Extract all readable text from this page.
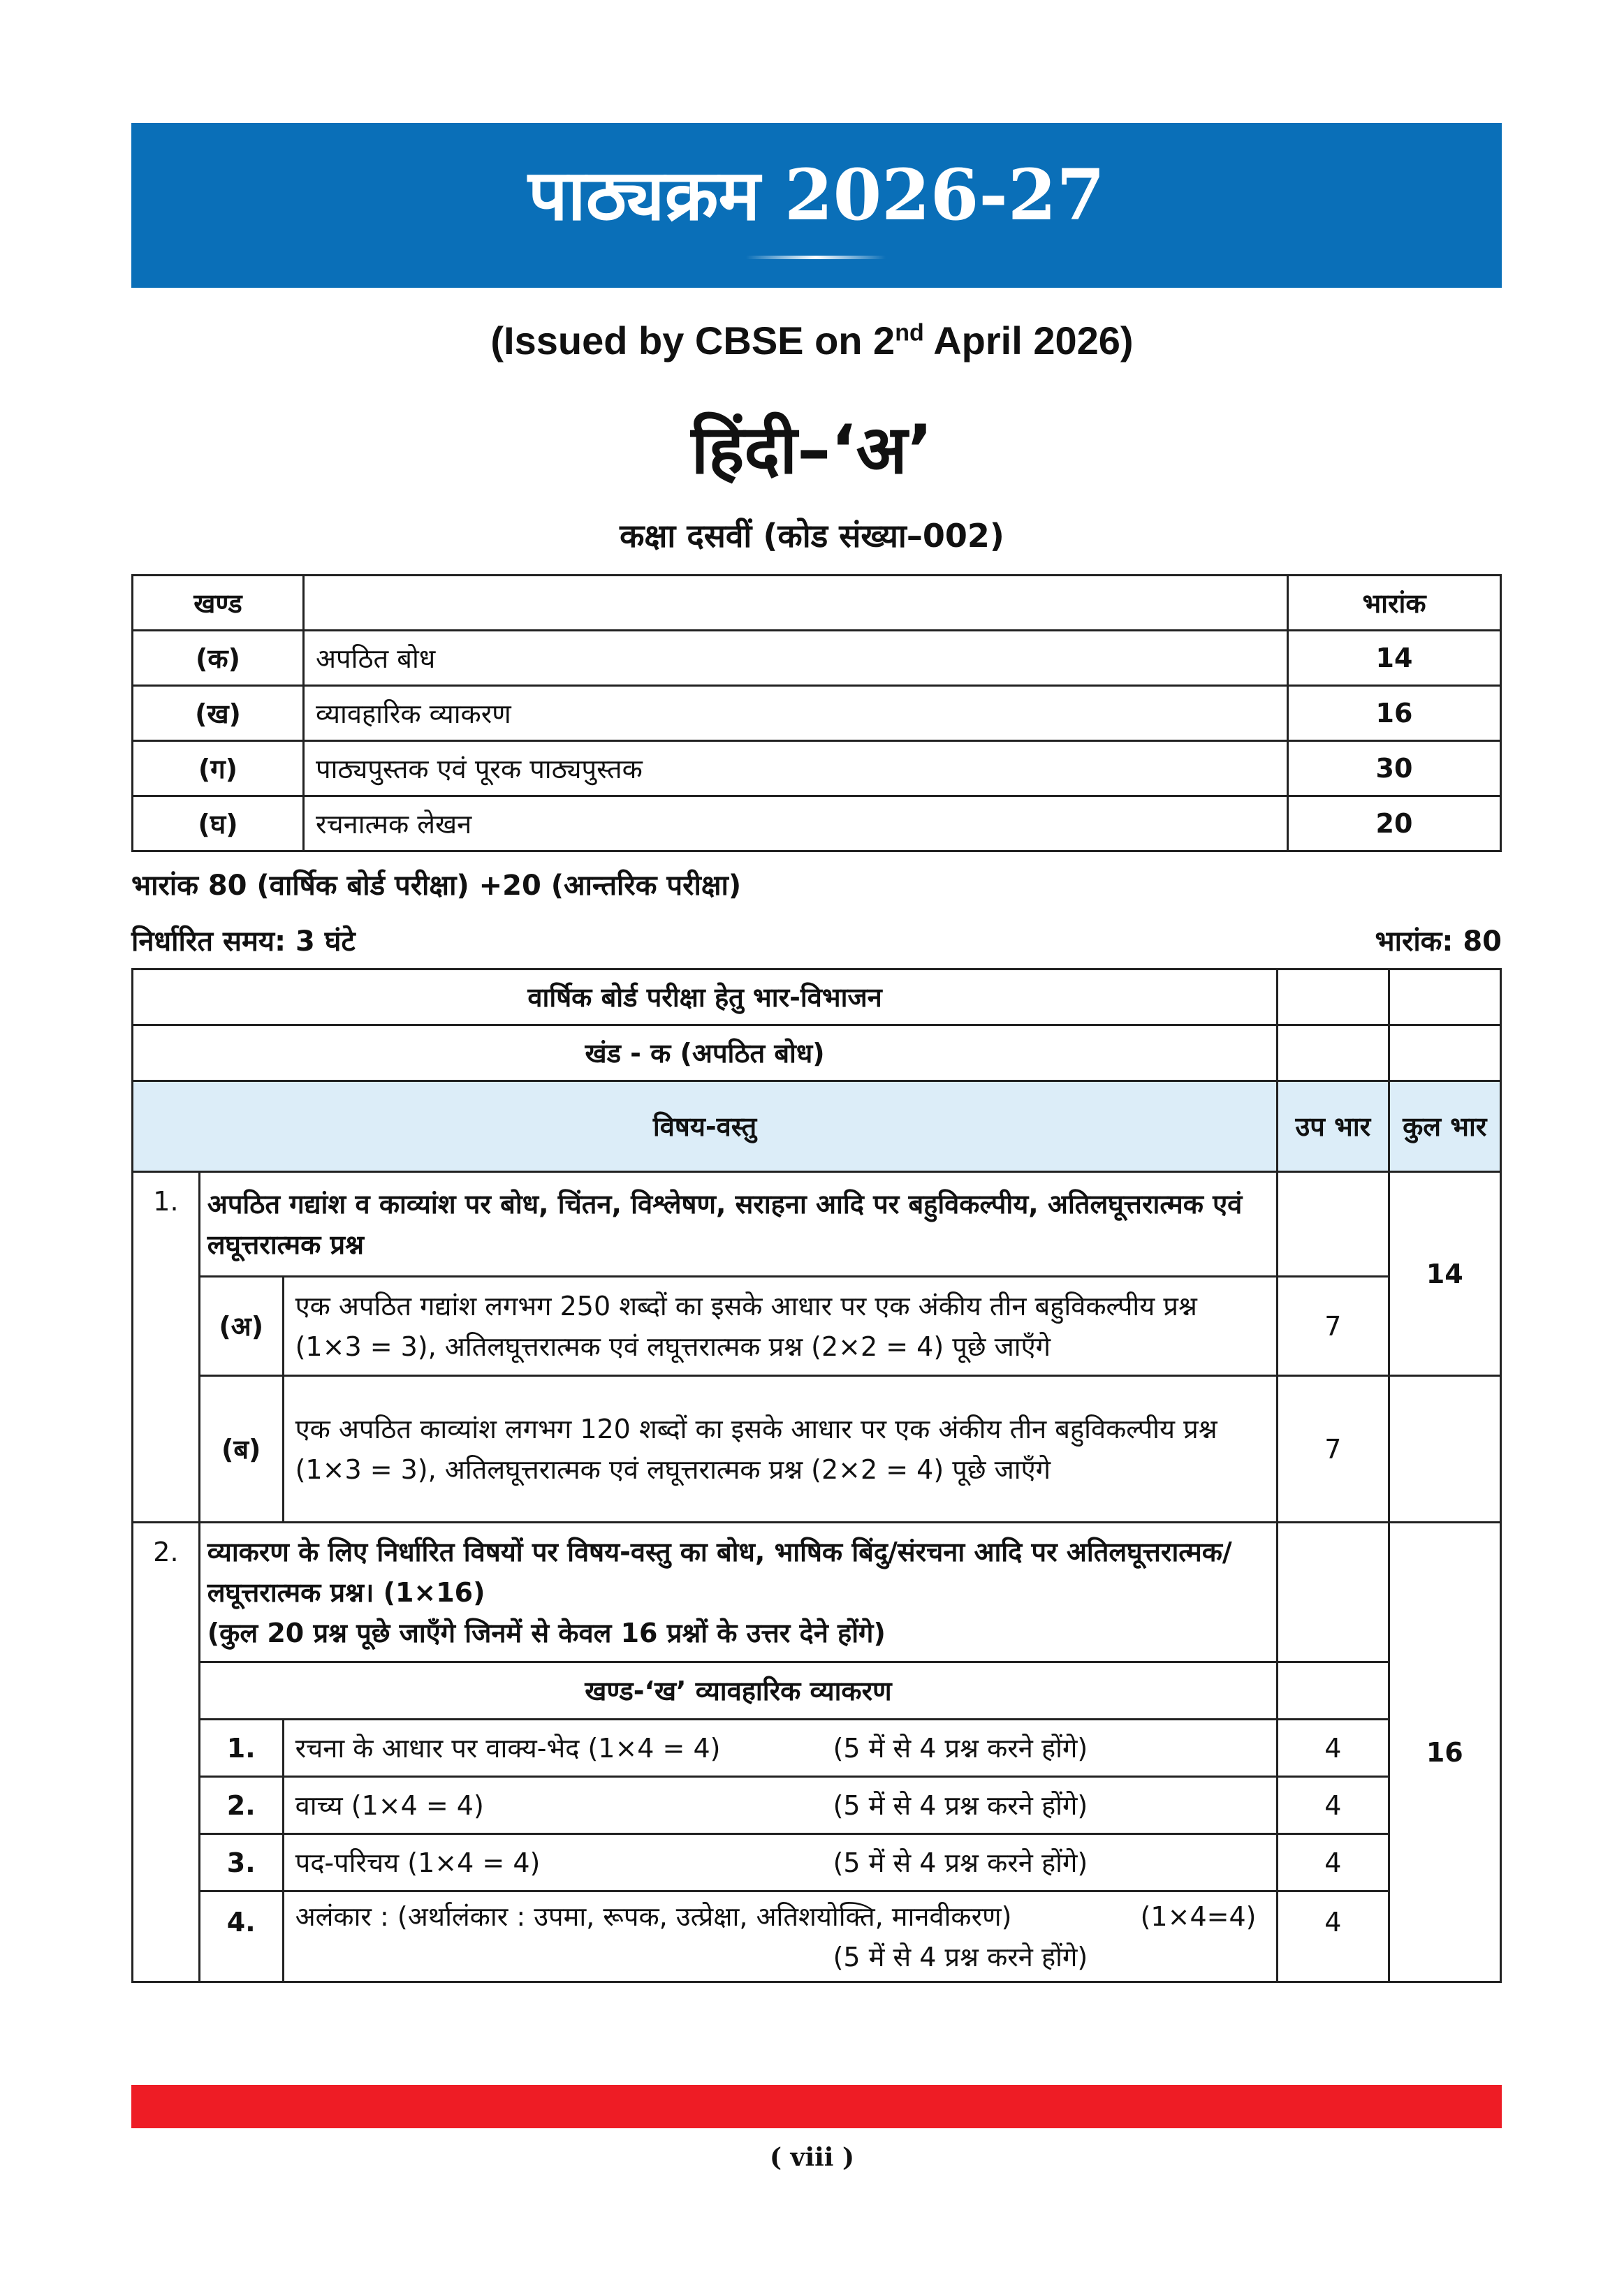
पाठ्यक्रम 2026-27
(Issued by CBSE on 2nd April 2026)
हिंदी–‘अ’
कक्षा दसवीं (कोड संख्या–002)
खण्ड		भारांक
(क)	अपठित बोध	14
(ख)	व्यावहारिक व्याकरण	16
(ग)	पाठ्यपुस्तक एवं पूरक पाठ्यपुस्तक	30
(घ)	रचनात्मक लेखन	20
भारांक 80 (वार्षिक बोर्ड परीक्षा) +20 (आन्तरिक परीक्षा)
निर्धारित समय: 3 घंटे	भारांक: 80
वार्षिक बोर्ड परीक्षा हेतु भार-विभाजन				
खंड - क (अपठित बोध)				
विषय-वस्तु			उप भार	कुल भार
1.	अपठित गद्यांश व काव्यांश पर बोध, चिंतन, विश्लेषण, सराहना आदि पर बहुविकल्पीय, अतिलघूत्तरात्मक एवं लघूत्तरात्मक प्रश्न			14
	(अ)	एक अपठित गद्यांश लगभग 250 शब्दों का इसके आधार पर एक अंकीय तीन बहुविकल्पीय प्रश्न (1×3 = 3), अतिलघूत्तरात्मक एवं लघूत्तरात्मक प्रश्न (2×2 = 4) पूछे जाएँगे	7	
	(ब)	एक अपठित काव्यांश लगभग 120 शब्दों का इसके आधार पर एक अंकीय तीन बहुविकल्पीय प्रश्न (1×3 = 3), अतिलघूत्तरात्मक एवं लघूत्तरात्मक प्रश्न (2×2 = 4) पूछे जाएँगे	7	
2.	व्याकरण के लिए निर्धारित विषयों पर विषय-वस्तु का बोध, भाषिक बिंदु/संरचना आदि पर अतिलघूत्तरात्मक/लघूत्तरात्मक प्रश्न। (1×16)
(कुल 20 प्रश्न पूछे जाएँगे जिनमें से केवल 16 प्रश्नों के उत्तर देने होंगे)			16
	खण्ड-‘ख’ व्यावहारिक व्याकरण			
	1.	रचना के आधार पर वाक्य-भेद (1×4 = 4) (5 में से 4 प्रश्न करने होंगे)	4	
	2.	वाच्य (1×4 = 4) (5 में से 4 प्रश्न करने होंगे)	4	
	3.	पद-परिचय (1×4 = 4) (5 में से 4 प्रश्न करने होंगे)	4	
	4.	अलंकार : (अर्थालंकार : उपमा, रूपक, उत्प्रेक्षा, अतिशयोक्ति, मानवीकरण) (1×4=4)
(5 में से 4 प्रश्न करने होंगे)	4	
( viii )
